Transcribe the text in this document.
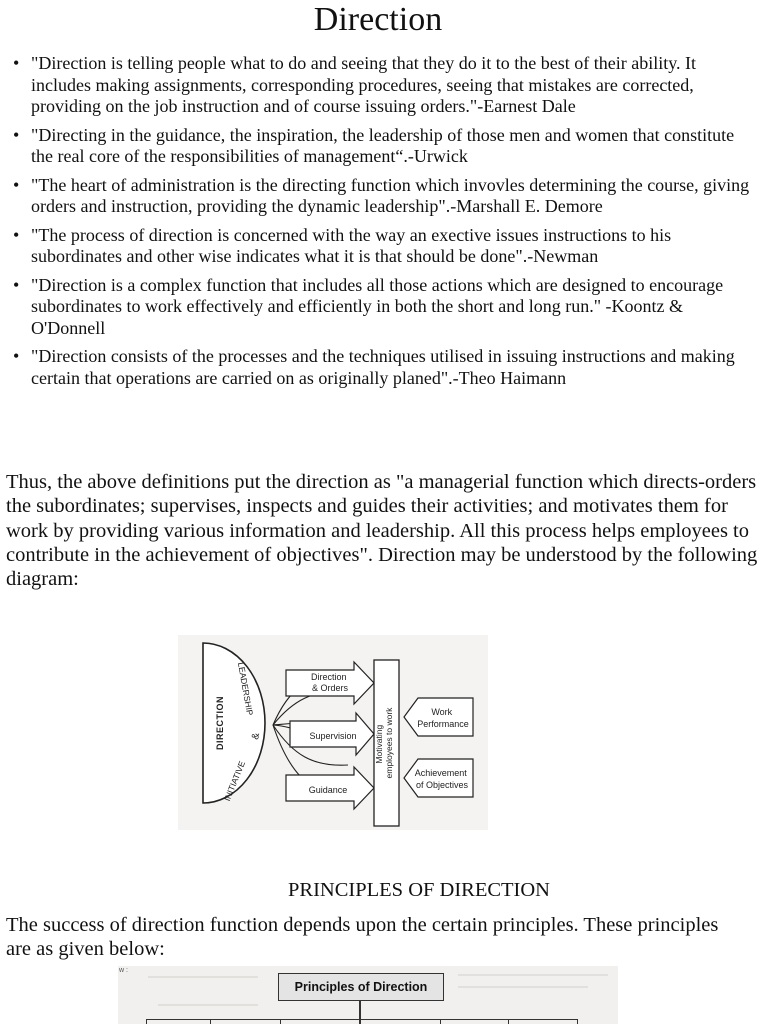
Direction
• "Direction is telling people what to do and seeing that they do it to the best of their ability. It includes making assignments, corresponding procedures, seeing that mistakes are corrected, providing on the job instruction and of course issuing orders."-Earnest Dale
• "Directing in the guidance, the inspiration, the leadership of those men and women that constitute the real core of the responsibilities of management“.-Urwick
• "The heart of administration is the directing function which invovles determining the course, giving orders and instruction, providing the dynamic leadership".-Marshall E. Demore
• "The process of direction is concerned with the way an exective issues instructions to his subordinates and other wise indicates what it is that should be done".-Newman
• "Direction is a complex function that includes all those actions which are designed to encourage subordinates to work effectively and efficiently in both the short and long run." -Koontz & O'Donnell
• "Direction consists of the processes and the techniques utilised in issuing instructions and making certain that operations are carried on as originally planed".-Theo Haimann

Thus, the above definitions put the direction as "a managerial function which directs-orders the subordinates; supervises, inspects and guides their activities; and motivates them for work by providing various information and leadership. All this process helps employees to contribute in the achievement of objectives". Direction may be understood by the following diagram:

DIRECTION
LEADERSHIP
INITIATIVE
&
Direction & Orders
Supervision
Guidance
Motivating employees to work	Work Performance
Achievement of Objectives
PRINCIPLES OF DIRECTION

The success of direction function depends upon the certain principles. These principles are as given below:

w :
Principles of Direction
